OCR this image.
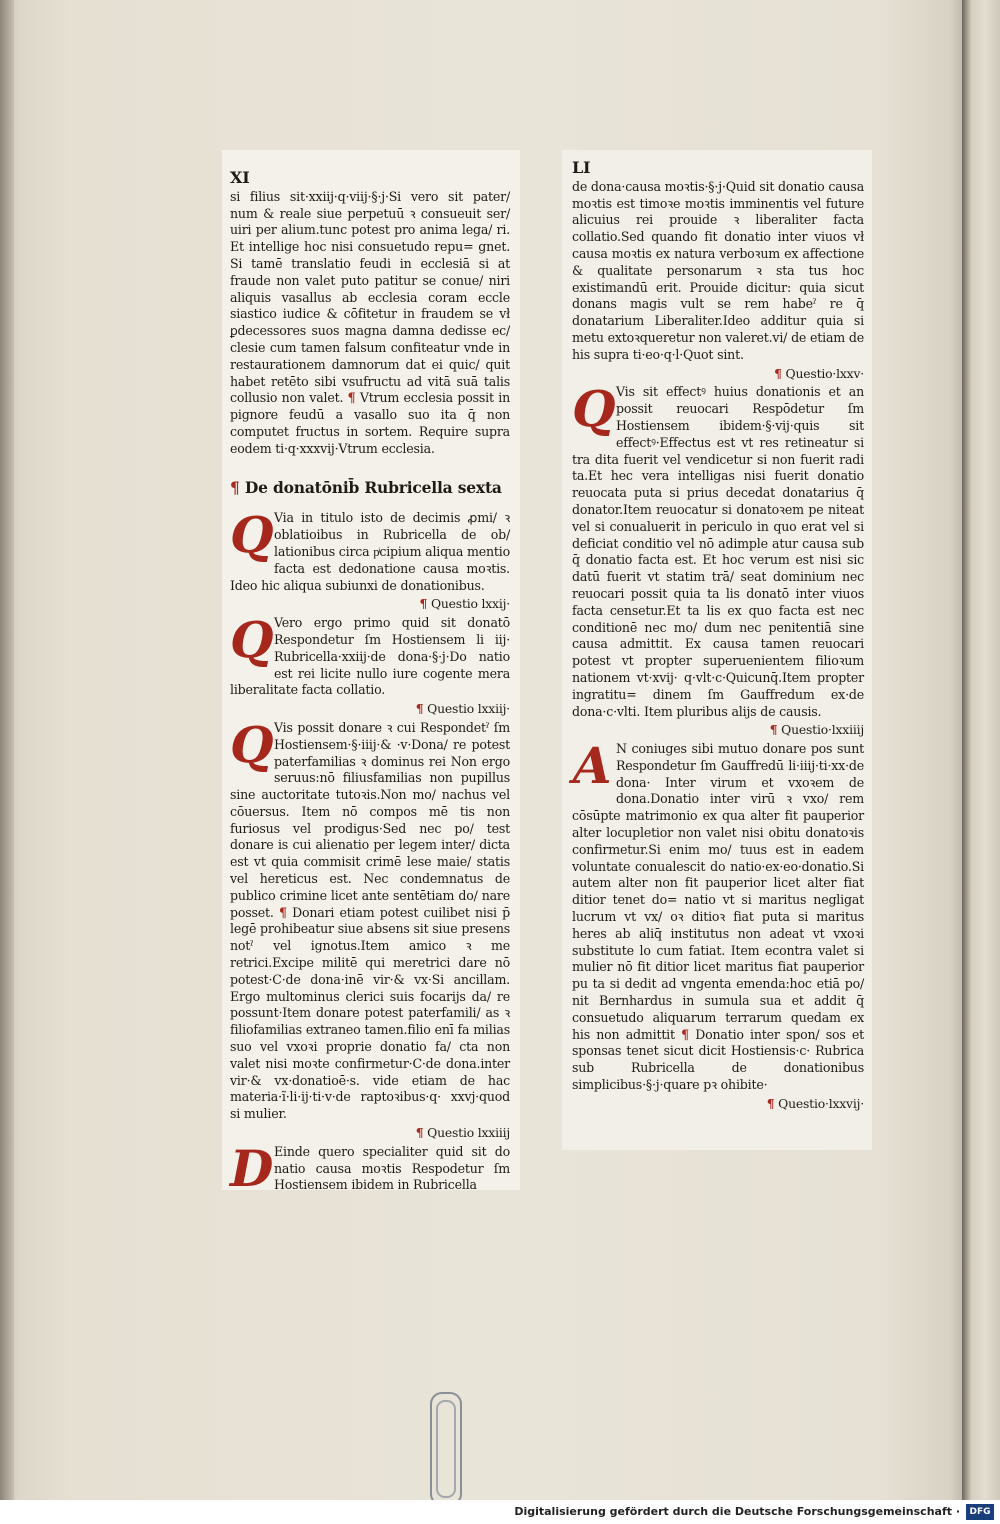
XI

si filius sit·xxiij·q·viij·§·j·Si vero sit pater/ num & reale siue perpetuū ꝛ consueuit ser/ uiri per alium.tunc potest pro anima lega/ ri. Et intellige hoc nisi consuetudo repu= gnet. Si tamē translatio feudi in ecclesiā si at fraude non valet puto patitur se conue/ niri aliquis vasallus ab ecclesia coram eccle siastico iudice & cōfitetur in fraudem se vł ꝑdecessores suos magna damna dedisse ec/ clesie cum tamen falsum confiteatur vnde in restaurationem damnorum dat ei quic/ quit habet retēto sibi vsufructu ad vitā suā talis collusio non valet. ¶ Vtrum ecclesia possit in pignore feudū a vasallo suo ita q̄ non computet fructus in sortem. Require supra eodem ti·q·xxxvij·Vtrum ecclesia.

¶ De donatōnib̄ Rubricella sexta

Q Via in titulo isto de decimis ꝓmi/ ꝛ oblatioibus in Rubricella de ob/ lationibus circa pͥcipium aliqua mentio facta est dedonatione causa moꝛtis. Ideo hic aliqua subiunxi de donationibus.

¶ Questio lxxij·

Q Vero ergo primo quid sit donatō Respondetur ſm Hostiensem li iij· Rubricella·xxiij·de dona·§·j·Do natio est rei licite nullo iure cogente mera liberalitate facta collatio.

¶ Questio lxxiij·

Q Vis possit donare ꝛ cui Respondetˀ ſm Hostiensem·§·iiij·& ·v·Dona/ re potest paterfamilias ꝛ dominus rei Non ergo seruus:nō filiusfamilias non pupillus sine auctoritate tutoꝛis.Non mo/ nachus vel cōuersus. Item nō compos mē tis non furiosus vel prodigus·Sed nec po/ test donare is cui alienatio per legem inter/ dicta est vt quia commisit crimē lese maie/ statis vel hereticus est. Nec condemnatus de publico crimine licet ante sentētiam do/ nare posset. ¶ Donari etiam potest cuilibet nisi p̄ legē prohibeatur siue absens sit siue presens notˀ vel ignotus.Item amico ꝛ me retrici.Excipe militē qui meretrici dare nō potest·C·de dona·inē vir·& vx·Si ancillam. Ergo multominus clerici suis focarijs da/ re possunt·Item donare potest paterfamili/ as ꝛ filiofamilias extraneo tamen.filio enī fa milias suo vel vxoꝛi proprie donatio fa/ cta non valet nisi moꝛte confirmetur·C·de dona.inter vir·& vx·donatioē·s. vide etiam de hac materia·ĩ·li·ij·ti·v·de raptoꝛibus·q· xxvj·quod si mulier.

¶ Questio lxxiiij

D Einde quero specialiter quid sit do natio causa moꝛtis Respodetur ſm Hostiensem ibidem in Rubricella

LI

de dona·causa moꝛtis·§·j·Quid sit donatio causa moꝛtis est timoꝛe moꝛtis imminentis vel future alicuius rei prouide ꝛ liberaliter facta collatio.Sed quando fit donatio inter viuos vł causa moꝛtis ex natura verboꝛum ex affectione & qualitate personarum ꝛ sta tus hoc existimandū erit. Prouide dicitur: quia sicut donans magis vult se rem habeˀ re q̄ donatarium Liberaliter.Ideo additur quia si metu extoꝛqueretur non valeret.vi/ de etiam de his supra ti·eo·q·l·Quot sint.

¶ Questio·lxxv·

Q Vis sit effectꝰ huius donationis et an possit reuocari Respōdetur ſm Hostiensem ibidem·§·vij·quis sit effectꝰ·Effectus est vt res retineatur si tra dita fuerit vel vendicetur si non fuerit radi ta.Et hec vera intelligas nisi fuerit donatio reuocata puta si prius decedat donatarius q̄ donator.Item reuocatur si donatoꝛem pe niteat vel si conualuerit in periculo in quo erat vel si deficiat conditio vel nō adimple atur causa sub q̄ donatio facta est. Et hoc verum est nisi sic datū fuerit vt statim trā/ seat dominium nec reuocari possit quia ta lis donatō inter viuos facta censetur.Et ta lis ex quo facta est nec conditionē nec mo/ dum nec penitentiā sine causa admittit. Ex causa tamen reuocari potest vt propter superuenientem filioꝛum nationem vt·xvij· q·vlt·c·Quicunq̄.Item propter ingratitu= dinem ſm Gauffredum ex·de dona·c·vlti. Item pluribus alijs de causis.

¶ Questio·lxxiiij

A N coniuges sibi mutuo donare pos sunt Respondetur ſm Gauffredū li·iiij·ti·xx·de dona· Inter virum et vxoꝛem de dona.Donatio inter virū ꝛ vxo/ rem cōsūpte matrimonio ex qua alter fit pauperior alter locupletior non valet nisi obitu donatoꝛis confirmetur.Si enim mo/ tuus est in eadem voluntate conualescit do natio·ex·eo·donatio.Si autem alter non fit pauperior licet alter fiat ditior tenet do= natio vt si maritus negligat lucrum vt vx/ oꝛ ditioꝛ fiat puta si maritus heres ab aliq̄ institutus non adeat vt vxoꝛi substitute lo cum fatiat. Item econtra valet si mulier nō fit ditior licet maritus fiat pauperior pu ta si dedit ad vngenta emenda:hoc etiā po/ nit Bernhardus in sumula sua et addit q̄ consuetudo aliquarum terrarum quedam ex his non admittit ¶ Donatio inter spon/ sos et sponsas tenet sicut dicit Hostiensis·c· Rubrica sub Rubricella de donationibus simplicibus·§·j·quare pꝛ ohibite·

¶ Questio·lxxvij·
Digitalisierung gefördert durch die Deutsche Forschungsgemeinschaft ·	DFG
